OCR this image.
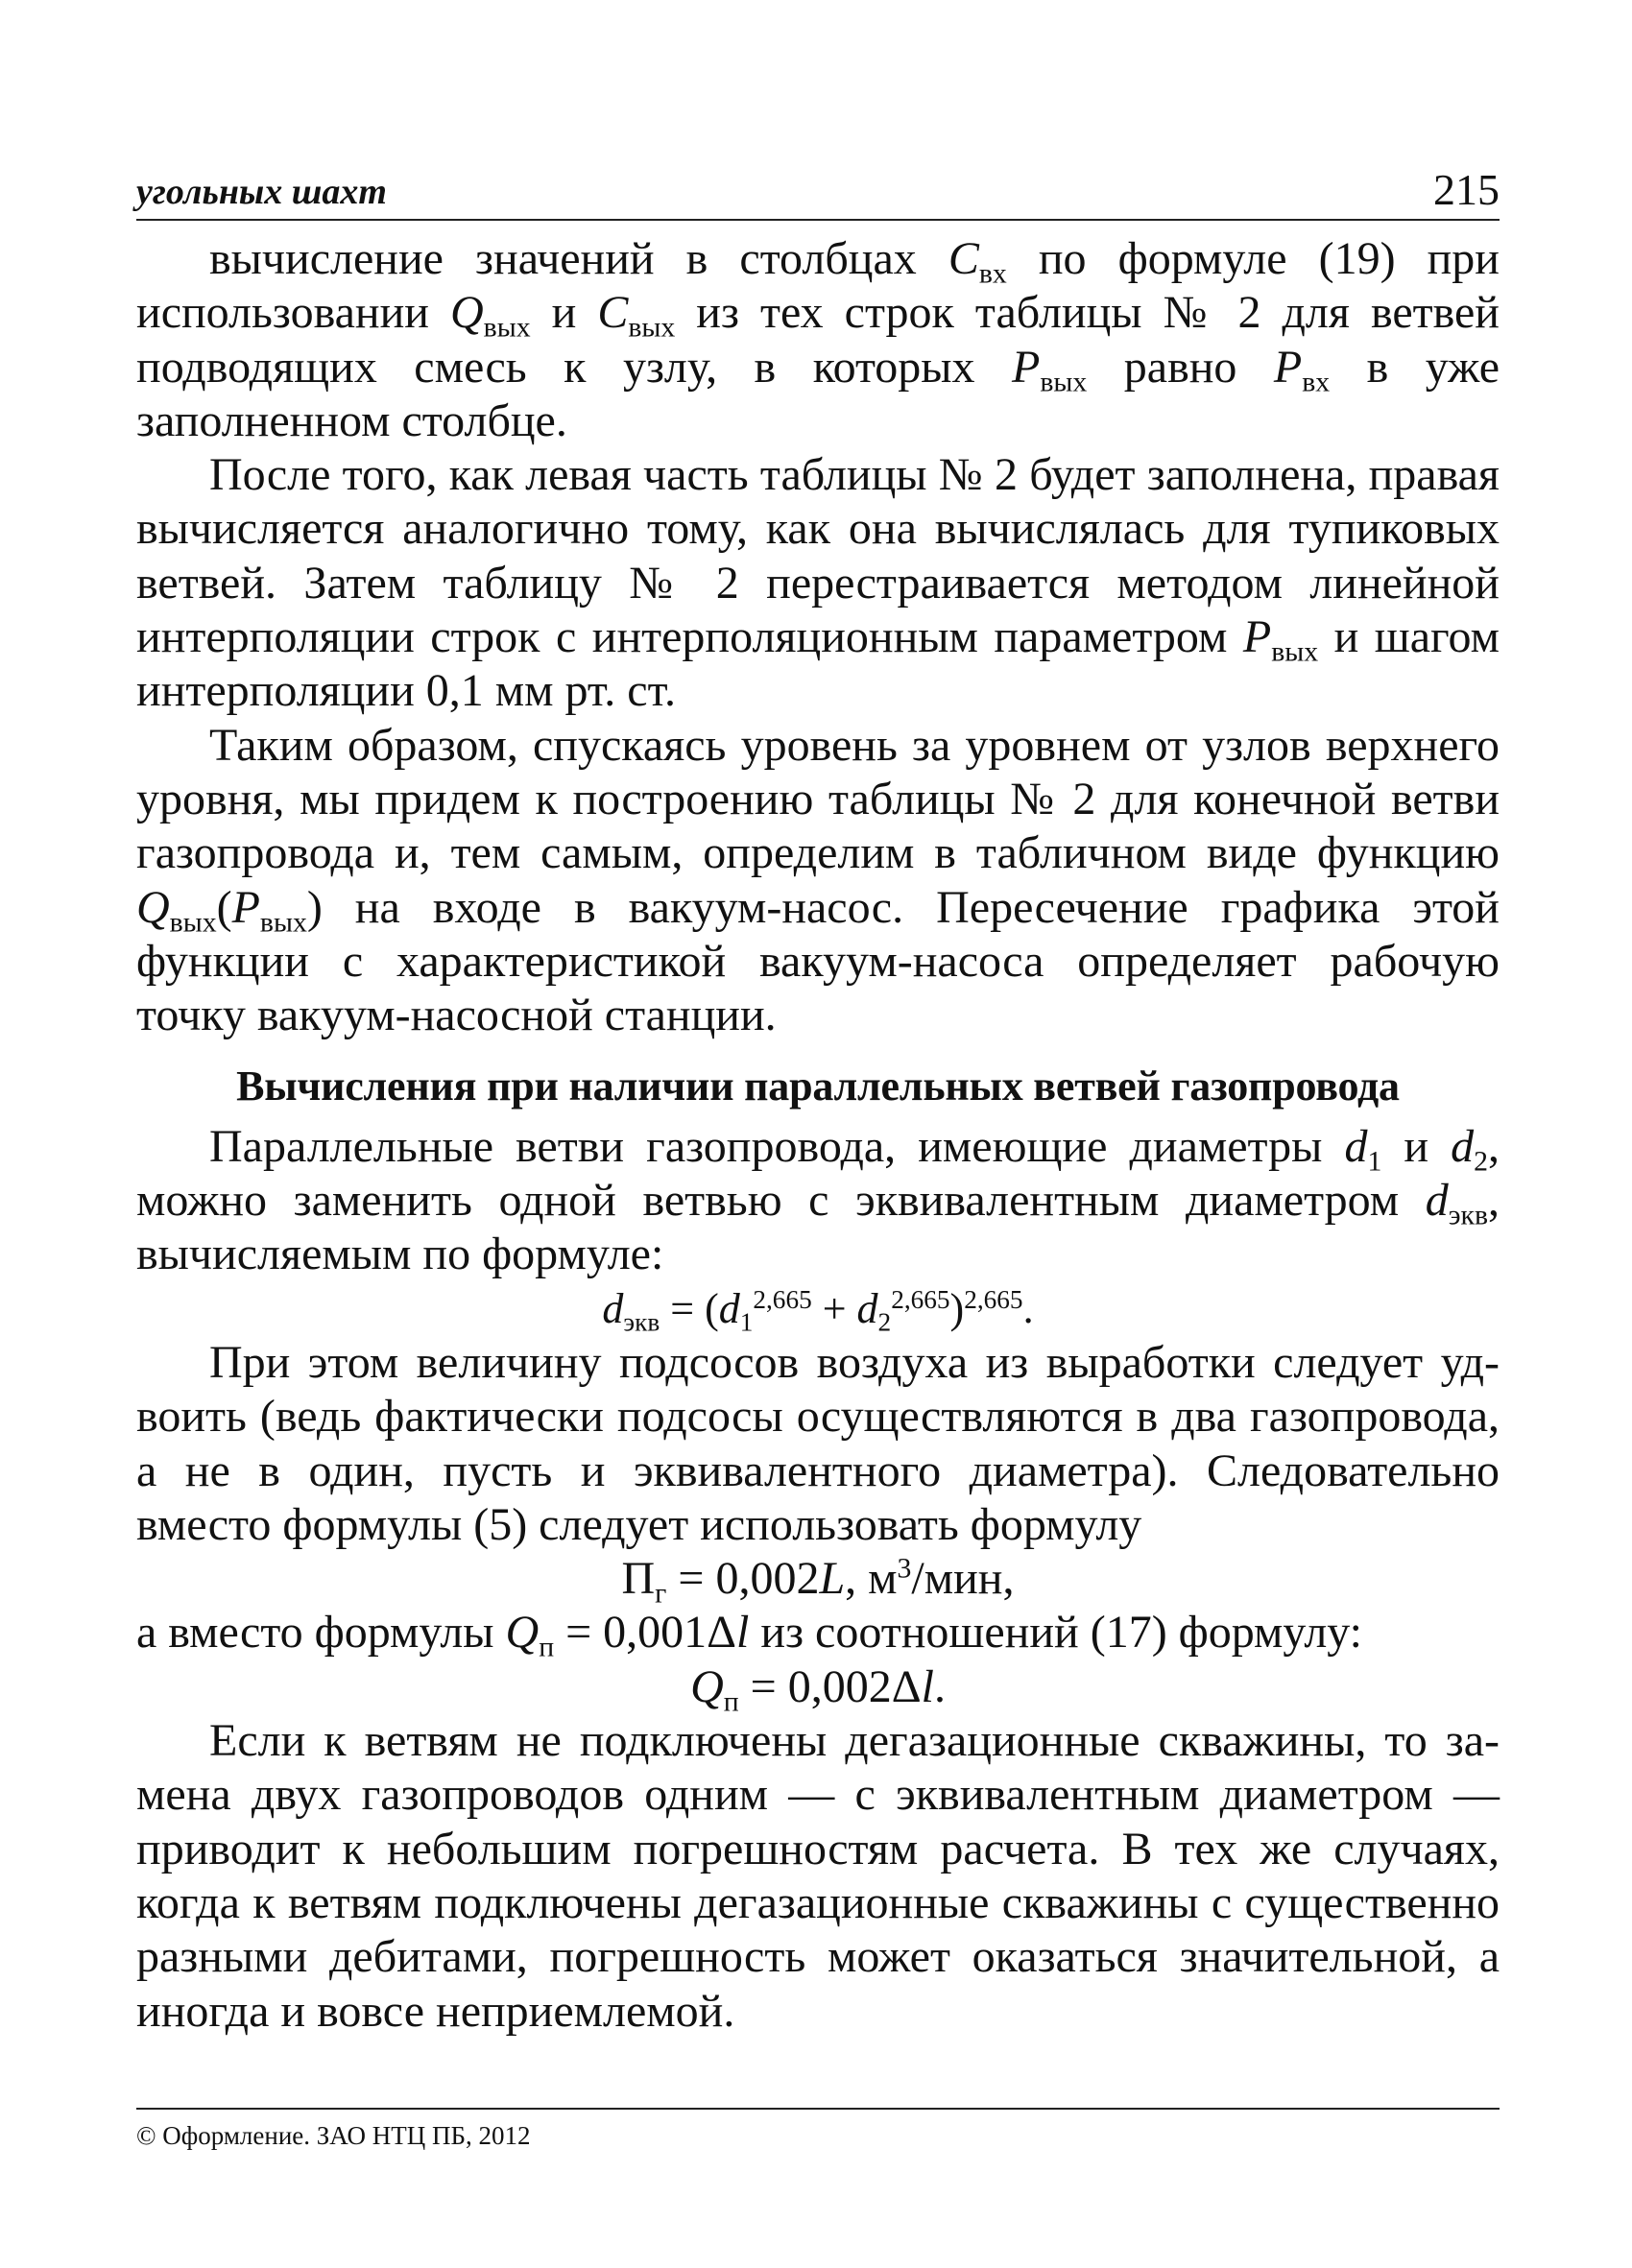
угольных шахт	215

вычисление значений в столбцах $C_{вх}$ по формуле (19) при использовании $Q_{вых}$ и $C_{вых}$ из тех строк таблицы № 2 для ветвей подводящих смесь к узлу, в которых $P_{вых}$ равно $P_{вх}$ в уже заполненном столбце.

После того, как левая часть таблицы № 2 будет заполнена, правая вычисляется аналогично тому, как она вычислялась для тупиковых ветвей. Затем таблицу № 2 перестраивается методом линейной интерполяции строк с интерполяционным параметром $P_{вых}$ и шагом интерполяции 0,1 мм рт. ст.

Таким образом, спускаясь уровень за уровнем от узлов верхнего уровня, мы придем к построению таблицы № 2 для конечной ветви газопровода и, тем самым, определим в табличном виде функцию $Q_{вых}(P_{вых})$ на входе в вакуум-насос. Пересечение графика этой функции с характеристикой вакуум-насоса определяет рабочую точку вакуум-насосной станции.

Вычисления при наличии параллельных ветвей газопровода

Параллельные ветви газопровода, имеющие диаметры $d_1$ и $d_2$, можно заменить одной ветвью с эквивалентным диаметром $d_{экв}$, вычисляемым по формуле:

$d_{экв} = (d_1^{2,665} + d_2^{2,665})^{2,665}$.

При этом величину подсосов воздуха из выработки следует удвоить (ведь фактически подсосы осуществляются в два газопровода, а не в один, пусть и эквивалентного диаметра). Следовательно вместо формулы (5) следует использовать формулу

$П_г = 0,002L$, $м^3$/мин,

а вместо формулы $Q_п = 0,001\Delta l$ из соотношений (17) формулу:

$Q_п = 0,002\Delta l$.

Если к ветвям не подключены дегазационные скважины, то замена двух газопроводов одним — с эквивалентным диаметром — приводит к небольшим погрешностям расчета. В тех же случаях, когда к ветвям подключены дегазационные скважины с существенно разными дебитами, погрешность может оказаться значительной, а иногда и вовсе неприемлемой.

© Оформление. ЗАО НТЦ ПБ, 2012
